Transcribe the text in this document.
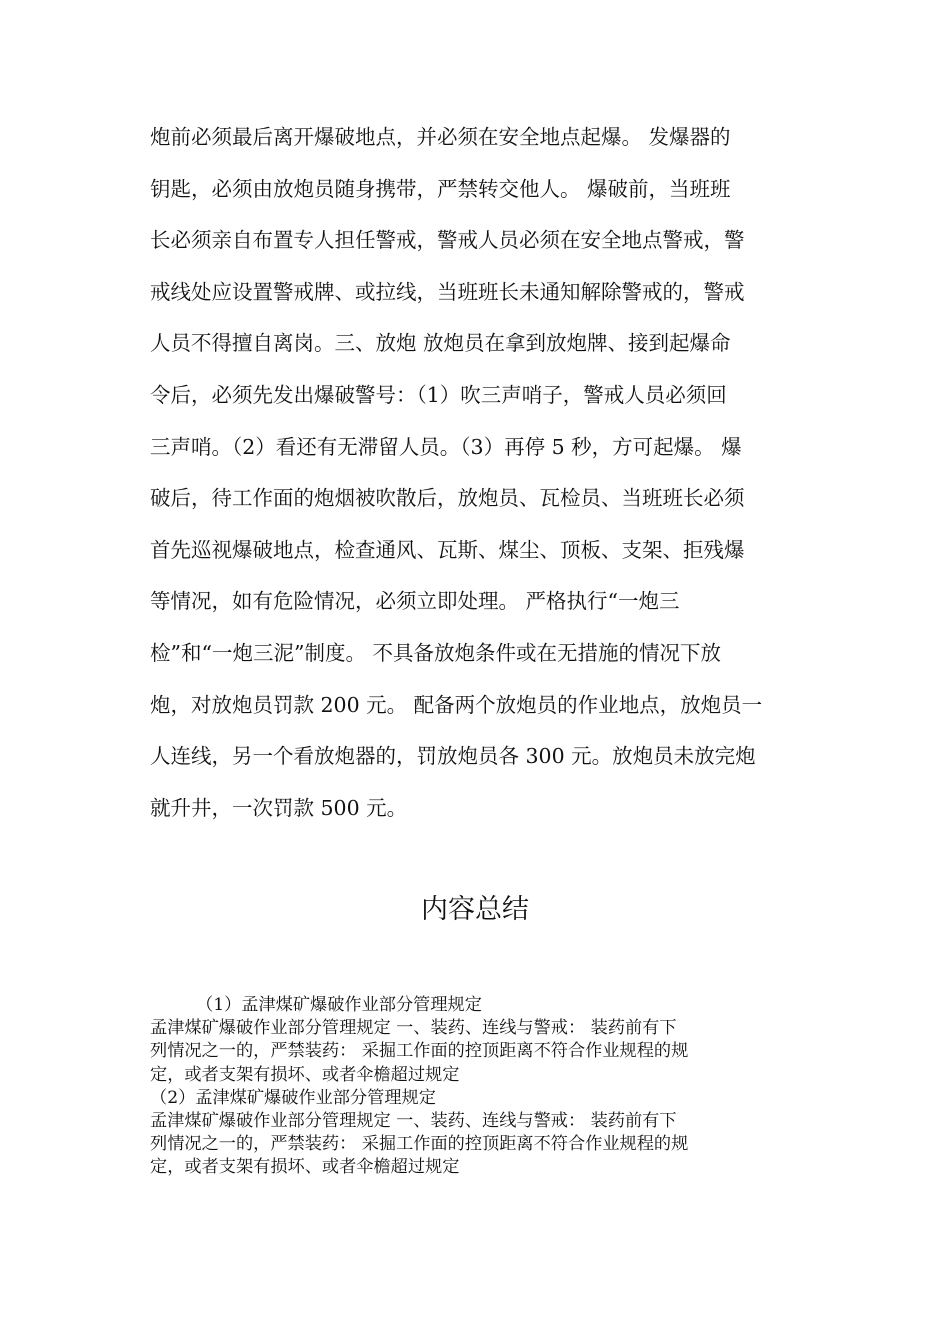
炮前必须最后离开爆破地点，并必须在安全地点起爆。 发爆器的
钥匙，必须由放炮员随身携带，严禁转交他人。 爆破前，当班班
长必须亲自布置专人担任警戒，警戒人员必须在安全地点警戒，警
戒线处应设置警戒牌、或拉线，当班班长未通知解除警戒的，警戒
人员不得擅自离岗。三、放炮 放炮员在拿到放炮牌、接到起爆命
令后，必须先发出爆破警号：（1）吹三声哨子，警戒人员必须回
三声哨。（2）看还有无滞留人员。（3）再停 5 秒，方可起爆。 爆
破后，待工作面的炮烟被吹散后，放炮员、瓦检员、当班班长必须
首先巡视爆破地点，检查通风、瓦斯、煤尘、顶板、支架、拒残爆
等情况，如有危险情况，必须立即处理。 严格执行“一炮三
检”和“一炮三泥”制度。 不具备放炮条件或在无措施的情况下放
炮，对放炮员罚款 200 元。 配备两个放炮员的作业地点，放炮员一
人连线，另一个看放炮器的，罚放炮员各 300 元。放炮员未放完炮
就升井，一次罚款 500 元。
内容总结
（1）孟津煤矿爆破作业部分管理规定
孟津煤矿爆破作业部分管理规定 一、装药、连线与警戒： 装药前有下
列情况之一的，严禁装药： 采掘工作面的控顶距离不符合作业规程的规
定，或者支架有损坏、或者伞檐超过规定
（2）孟津煤矿爆破作业部分管理规定
孟津煤矿爆破作业部分管理规定 一、装药、连线与警戒： 装药前有下
列情况之一的，严禁装药： 采掘工作面的控顶距离不符合作业规程的规
定，或者支架有损坏、或者伞檐超过规定
